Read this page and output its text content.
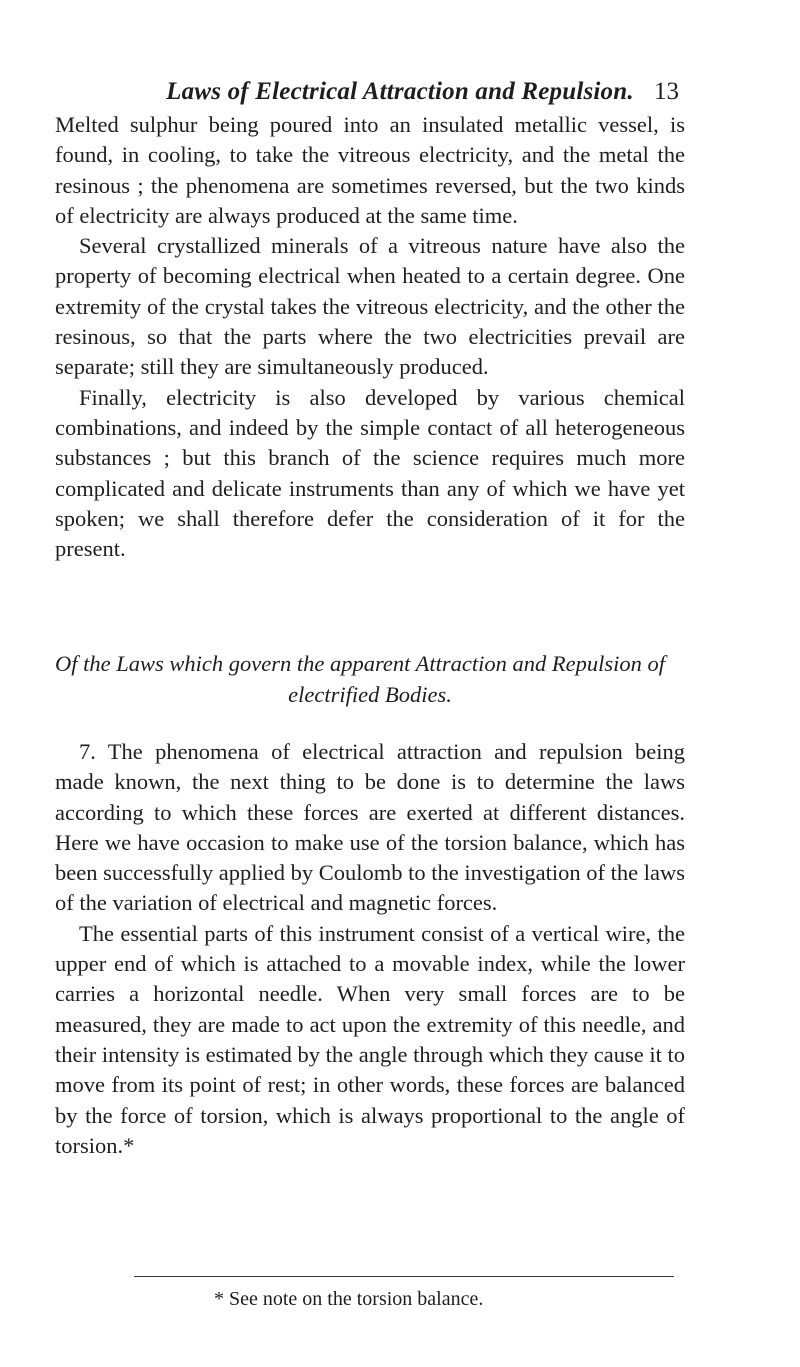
Laws of Electrical Attraction and Repulsion. 13

Melted sulphur being poured into an insulated metallic vessel, is found, in cooling, to take the vitreous electricity, and the metal the resinous ; the phenomena are sometimes reversed, but the two kinds of electricity are always produced at the same time.

Several crystallized minerals of a vitreous nature have also the property of becoming electrical when heated to a certain degree. One extremity of the crystal takes the vitreous electricity, and the other the resinous, so that the parts where the two electricities prevail are separate; still they are simultaneously produced.

Finally, electricity is also developed by various chemical combinations, and indeed by the simple contact of all heterogeneous substances ; but this branch of the science requires much more complicated and delicate instruments than any of which we have yet spoken; we shall therefore defer the consideration of it for the present.

Of the Laws which govern the apparent Attraction and Repulsion of
electrified Bodies.

7. The phenomena of electrical attraction and repulsion being made known, the next thing to be done is to determine the laws according to which these forces are exerted at different distances. Here we have occasion to make use of the torsion balance, which has been successfully applied by Coulomb to the investigation of the laws of the variation of electrical and magnetic forces.

The essential parts of this instrument consist of a vertical wire, the upper end of which is attached to a movable index, while the lower carries a horizontal needle. When very small forces are to be measured, they are made to act upon the extremity of this needle, and their intensity is estimated by the angle through which they cause it to move from its point of rest; in other words, these forces are balanced by the force of torsion, which is always proportional to the angle of torsion.*

* See note on the torsion balance.
